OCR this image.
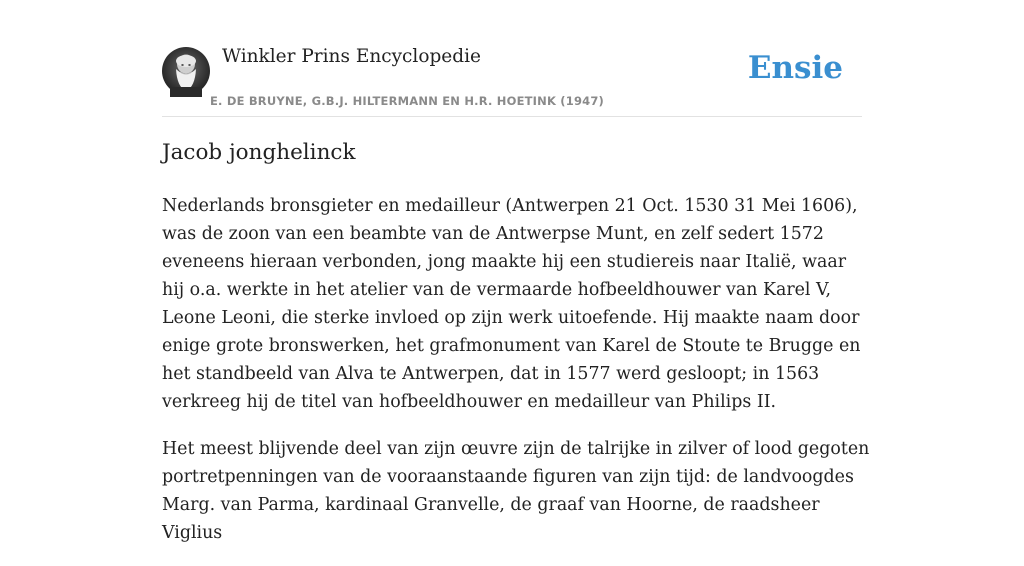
Winkler Prins Encyclopedie
E. DE BRUYNE, G.B.J. HILTERMANN EN H.R. HOETINK (1947)
Ensie
Jacob jonghelinck

Nederlands bronsgieter en medailleur (Antwerpen 21 Oct. 1530 31 Mei 1606), was de zoon van een beambte van de Antwerpse Munt, en zelf sedert 1572 eveneens hieraan verbonden, jong maakte hij een studiereis naar Italië, waar hij o.a. werkte in het atelier van de vermaarde hofbeeldhouwer van Karel V, Leone Leoni, die sterke invloed op zijn werk uitoefende. Hij maakte naam door enige grote bronswerken, het grafmonument van Karel de Stoute te Brugge en het standbeeld van Alva te Antwerpen, dat in 1577 werd gesloopt; in 1563 verkreeg hij de titel van hofbeeldhouwer en medailleur van Philips II.

Het meest blijvende deel van zijn œuvre zijn de talrijke in zilver of lood gegoten portretpenningen van de vooraanstaande figuren van zijn tijd: de landvoogdes Marg. van Parma, kardinaal Granvelle, de graaf van Hoorne, de raadsheer Viglius
